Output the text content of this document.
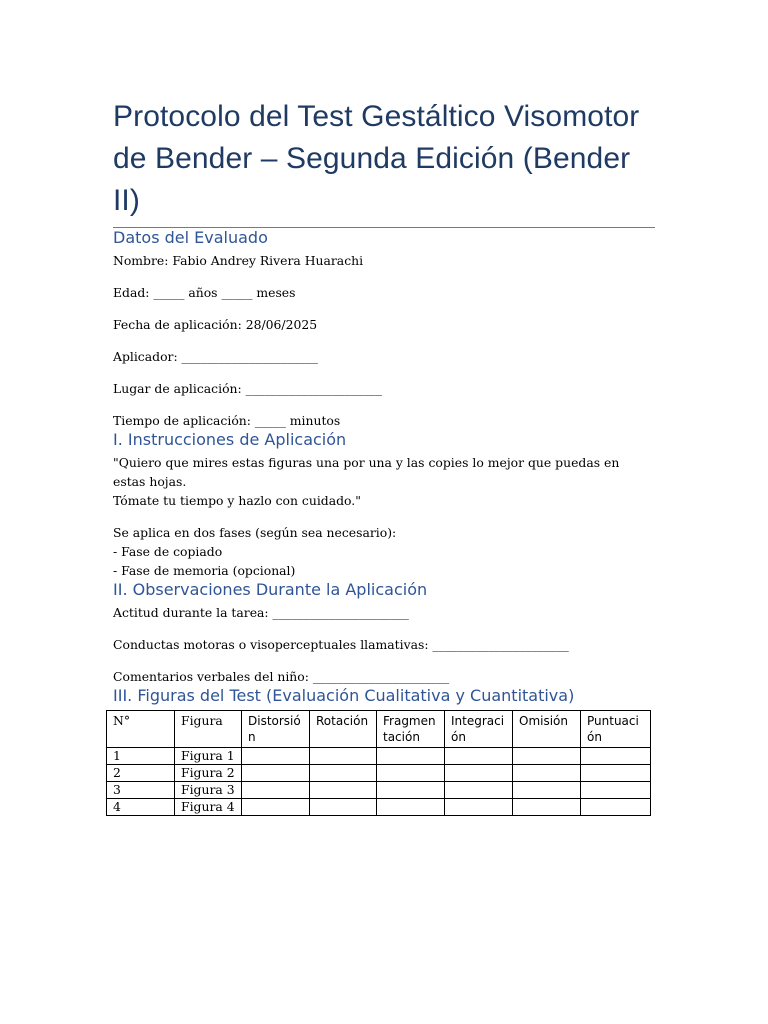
Protocolo del Test Gestáltico Visomotor de Bender – Segunda Edición (Bender II)
Datos del Evaluado

Nombre: Fabio Andrey Rivera Huarachi

Edad: _____ años _____ meses

Fecha de aplicación: 28/06/2025

Aplicador: ______________________

Lugar de aplicación: ______________________

Tiempo de aplicación: _____ minutos

I. Instrucciones de Aplicación

"Quiero que mires estas figuras una por una y las copies lo mejor que puedas en estas hojas.

Tómate tu tiempo y hazlo con cuidado."

Se aplica en dos fases (según sea necesario):

- Fase de copiado

- Fase de memoria (opcional)

II. Observaciones Durante la Aplicación

Actitud durante la tarea: ______________________

Conductas motoras o visoperceptuales llamativas: ______________________

Comentarios verbales del niño: ______________________

III. Figuras del Test (Evaluación Cualitativa y Cuantitativa)
N°	Figura	Distorsión	Rotación	Fragmentación	Integración	Omisión	Puntuación
1	Figura 1						
2	Figura 2						
3	Figura 3						
4	Figura 4						
